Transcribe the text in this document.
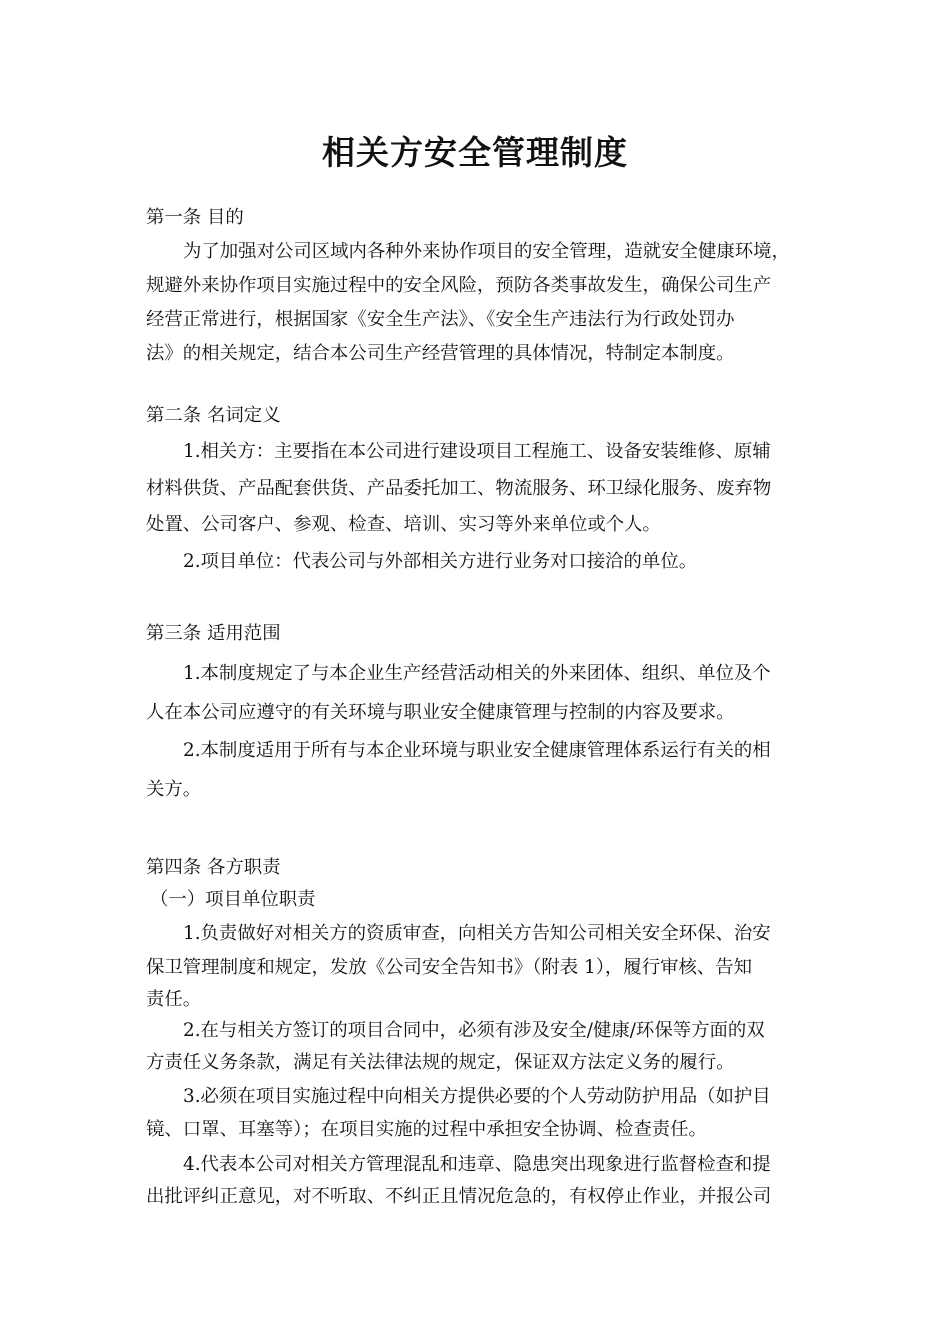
相关方安全管理制度
第一条 目的
为了加强对公司区域内各种外来协作项目的安全管理，造就安全健康环境，
规避外来协作项目实施过程中的安全风险，预防各类事故发生，确保公司生产
经营正常进行，根据国家《安全生产法》、《安全生产违法行为行政处罚办
法》的相关规定，结合本公司生产经营管理的具体情况，特制定本制度。
第二条 名词定义
1.相关方：主要指在本公司进行建设项目工程施工、设备安装维修、原辅
材料供货、产品配套供货、产品委托加工、物流服务、环卫绿化服务、废弃物
处置、公司客户、参观、检查、培训、实习等外来单位或个人。
2.项目单位：代表公司与外部相关方进行业务对口接洽的单位。
第三条 适用范围
1.本制度规定了与本企业生产经营活动相关的外来团体、组织、单位及个
人在本公司应遵守的有关环境与职业安全健康管理与控制的内容及要求。
2.本制度适用于所有与本企业环境与职业安全健康管理体系运行有关的相
关方。
第四条 各方职责
（一）项目单位职责
1.负责做好对相关方的资质审查，向相关方告知公司相关安全环保、治安
保卫管理制度和规定，发放《公司安全告知书》（附表 1），履行审核、告知
责任。
2.在与相关方签订的项目合同中，必须有涉及安全/健康/环保等方面的双
方责任义务条款，满足有关法律法规的规定，保证双方法定义务的履行。
3.必须在项目实施过程中向相关方提供必要的个人劳动防护用品（如护目
镜、口罩、耳塞等）；在项目实施的过程中承担安全协调、检查责任。
4.代表本公司对相关方管理混乱和违章、隐患突出现象进行监督检查和提
出批评纠正意见，对不听取、不纠正且情况危急的，有权停止作业，并报公司
